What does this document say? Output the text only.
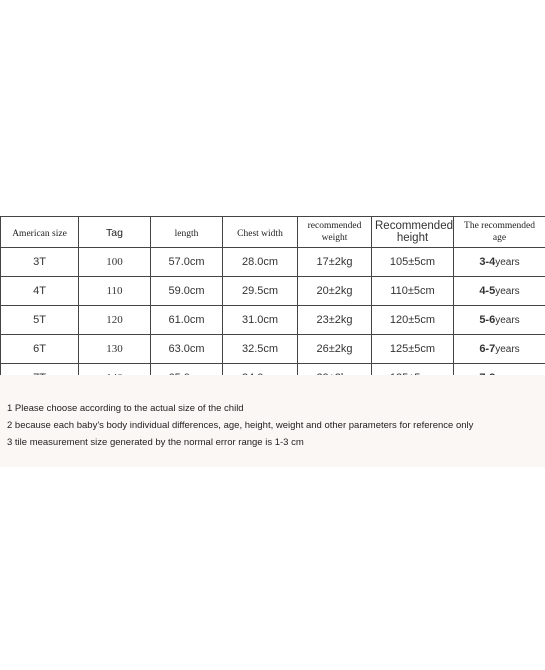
American size	Tag	length	Chest width	recommended weight	Recommended height	The recommended age

3T	100	57.0cm	28.0cm	17±2kg	105±5cm	3-4years
4T	110	59.0cm	29.5cm	20±2kg	110±5cm	4-5years
5T	120	61.0cm	31.0cm	23±2kg	120±5cm	5-6years
6T	130	63.0cm	32.5cm	26±2kg	125±5cm	6-7years

1 Please choose according to the actual size of the child
2 because each baby's body individual differences, age, height, weight and other parameters for reference only
3 tile measurement size generated by the normal error range is 1-3 cm
